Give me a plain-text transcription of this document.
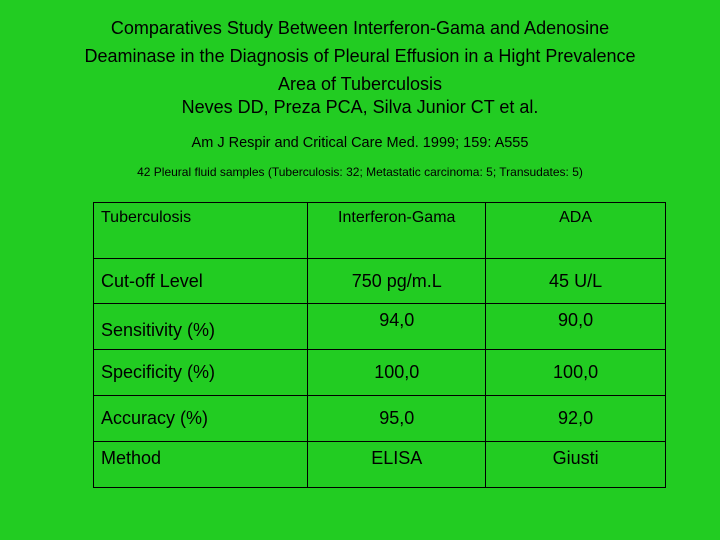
Comparatives Study Between Interferon-Gama and Adenosine
Deaminase in the Diagnosis of Pleural Effusion in a Hight Prevalence
Area of Tuberculosis
Neves DD, Preza PCA, Silva Junior CT et al.
Am J Respir and Critical Care Med. 1999; 159: A555
42 Pleural fluid samples (Tuberculosis: 32; Metastatic carcinoma: 5; Transudates: 5)
Tuberculosis	Interferon-Gama	ADA
Cut-off Level	750 pg/m.L	45 U/L
Sensitivity (%)	94,0	90,0
Specificity (%)	100,0	100,0
Accuracy (%)	95,0	92,0
Method	ELISA	Giusti
